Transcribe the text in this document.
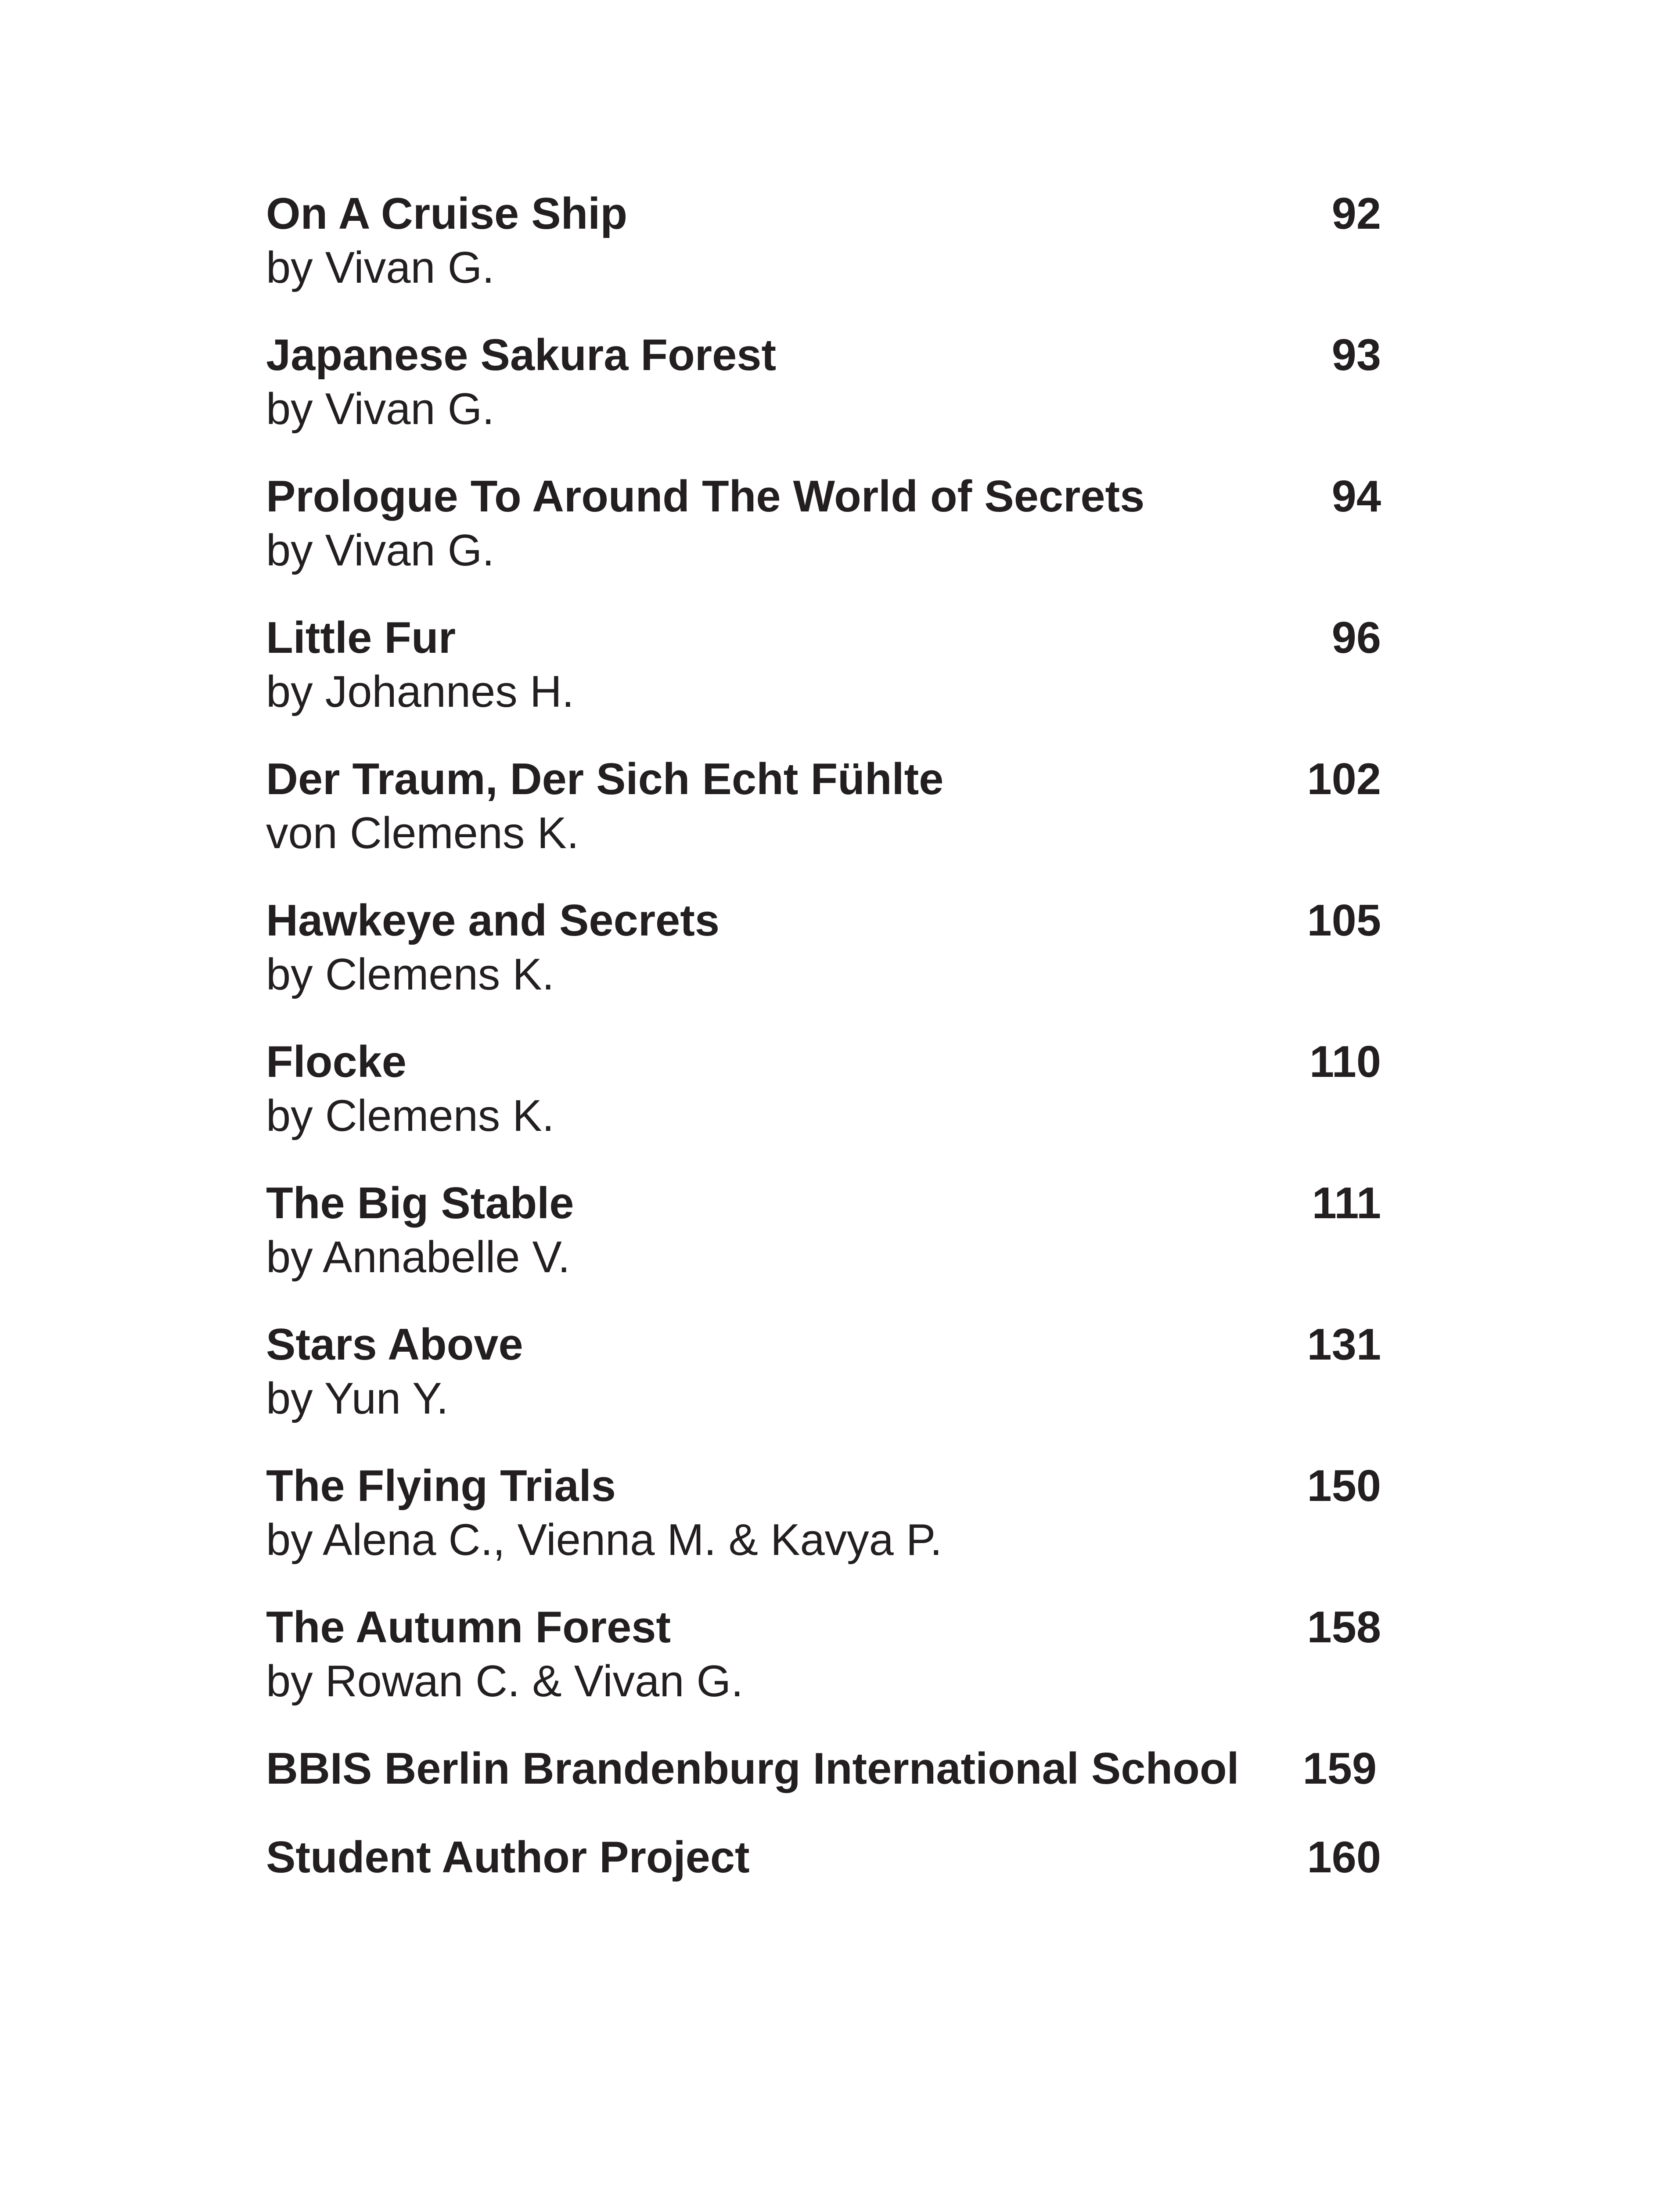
On A Cruise Ship
by Vivan G.
92
Japanese Sakura Forest
by Vivan G.
93
Prologue To Around The World of Secrets
by Vivan G.
94
Little Fur
by Johannes H.
96
Der Traum, Der Sich Echt Fühlte
von Clemens K.
102
Hawkeye and Secrets
by Clemens K.
105
Flocke
by Clemens K.
110
The Big Stable
by Annabelle V.
111
Stars Above
by Yun Y.
131
The Flying Trials
by Alena C., Vienna M. & Kavya P.
150
The Autumn Forest
by Rowan C. & Vivan G.
158
BBIS Berlin Brandenburg International School 159
Student Author Project	160
